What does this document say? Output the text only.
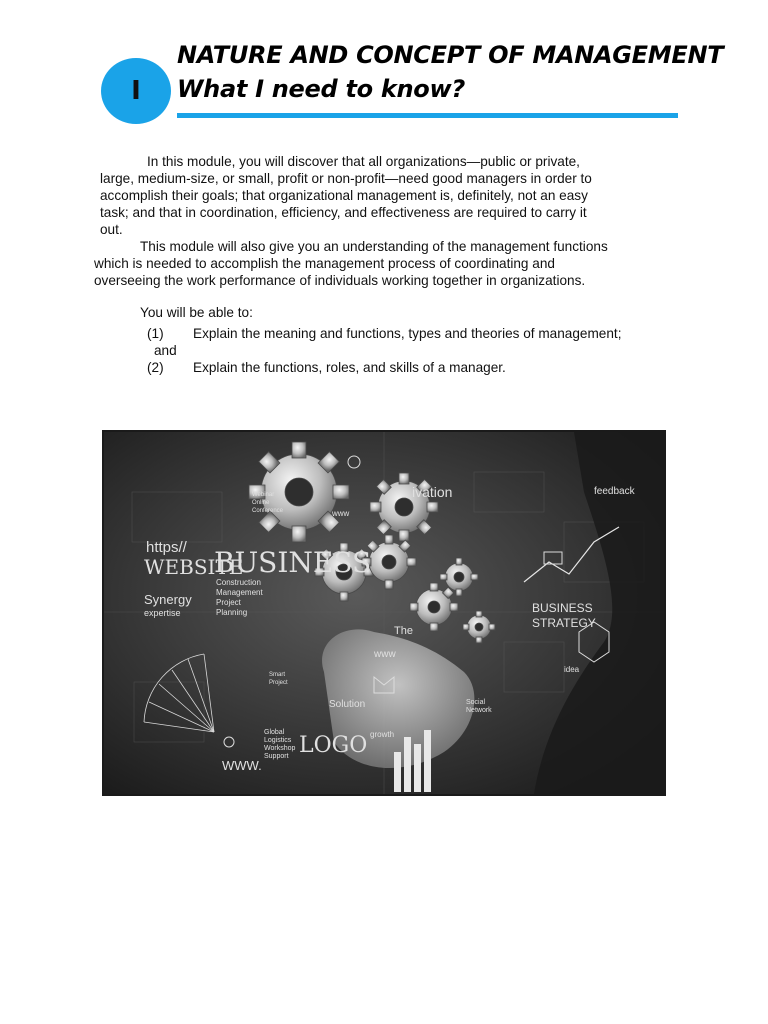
I
NATURE AND CONCEPT OF MANAGEMENT
What I need to know?
In this module, you will discover that all organizations—public or private,
large, medium-size, or small, profit or non-profit—need good managers in order to
accomplish their goals; that organizational management is, definitely, not an easy
task; and that in coordination, efficiency, and effectiveness are required to carry it
out.
This module will also give you an understanding of the management functions
which is needed to accomplish the management process of coordinating and
overseeing the work performance of individuals working together in organizations.
You will be able to:
(1)	Explain the meaning and functions, types and theories of management;
and
(2)	Explain the functions, roles, and skills of a manager.
https//
WEBSITE
BUSINESS
Construction
Management
Project
Planning
Synergy
expertise
ivation
BUSINESS
STRATEGY
feedback
WWW.
www
www
Solution
LOGO
Global
Logistics
Workshop
Support
The
Social
Network
Webinar
Online
Conference
Smart
Project
idea
growth
